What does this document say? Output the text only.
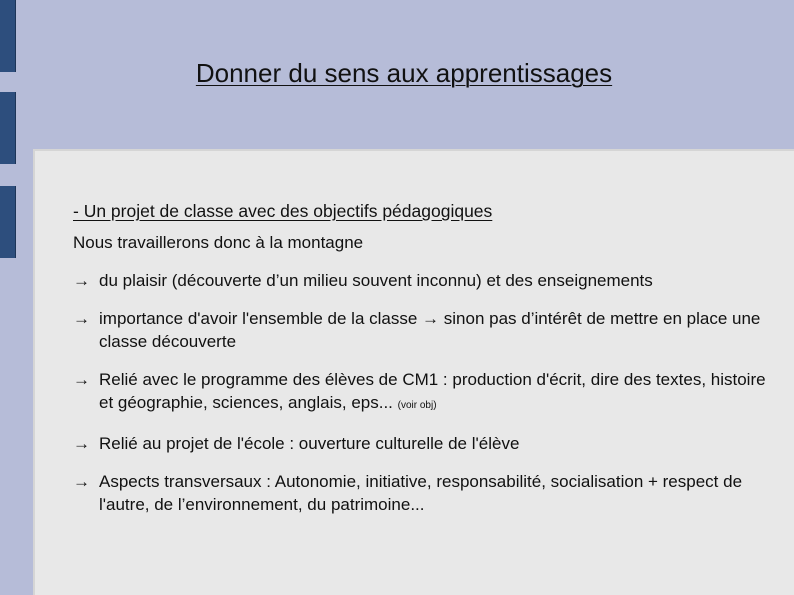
Donner du sens aux apprentissages

- Un projet de classe avec des objectifs pédagogiques

Nous travaillerons donc à la montagne

→ du plaisir (découverte d’un milieu souvent inconnu) et des enseignements
→ importance d'avoir l'ensemble de la classe → sinon pas d’intérêt de mettre en place une classe découverte
→ Relié avec le programme des élèves de CM1 : production d'écrit, dire des textes, histoire et géographie, sciences, anglais, eps... (voir obj)
→ Relié au projet de l'école : ouverture culturelle de l'élève
→ Aspects transversaux : Autonomie, initiative, responsabilité, socialisation + respect de l'autre, de l’environnement, du patrimoine...
